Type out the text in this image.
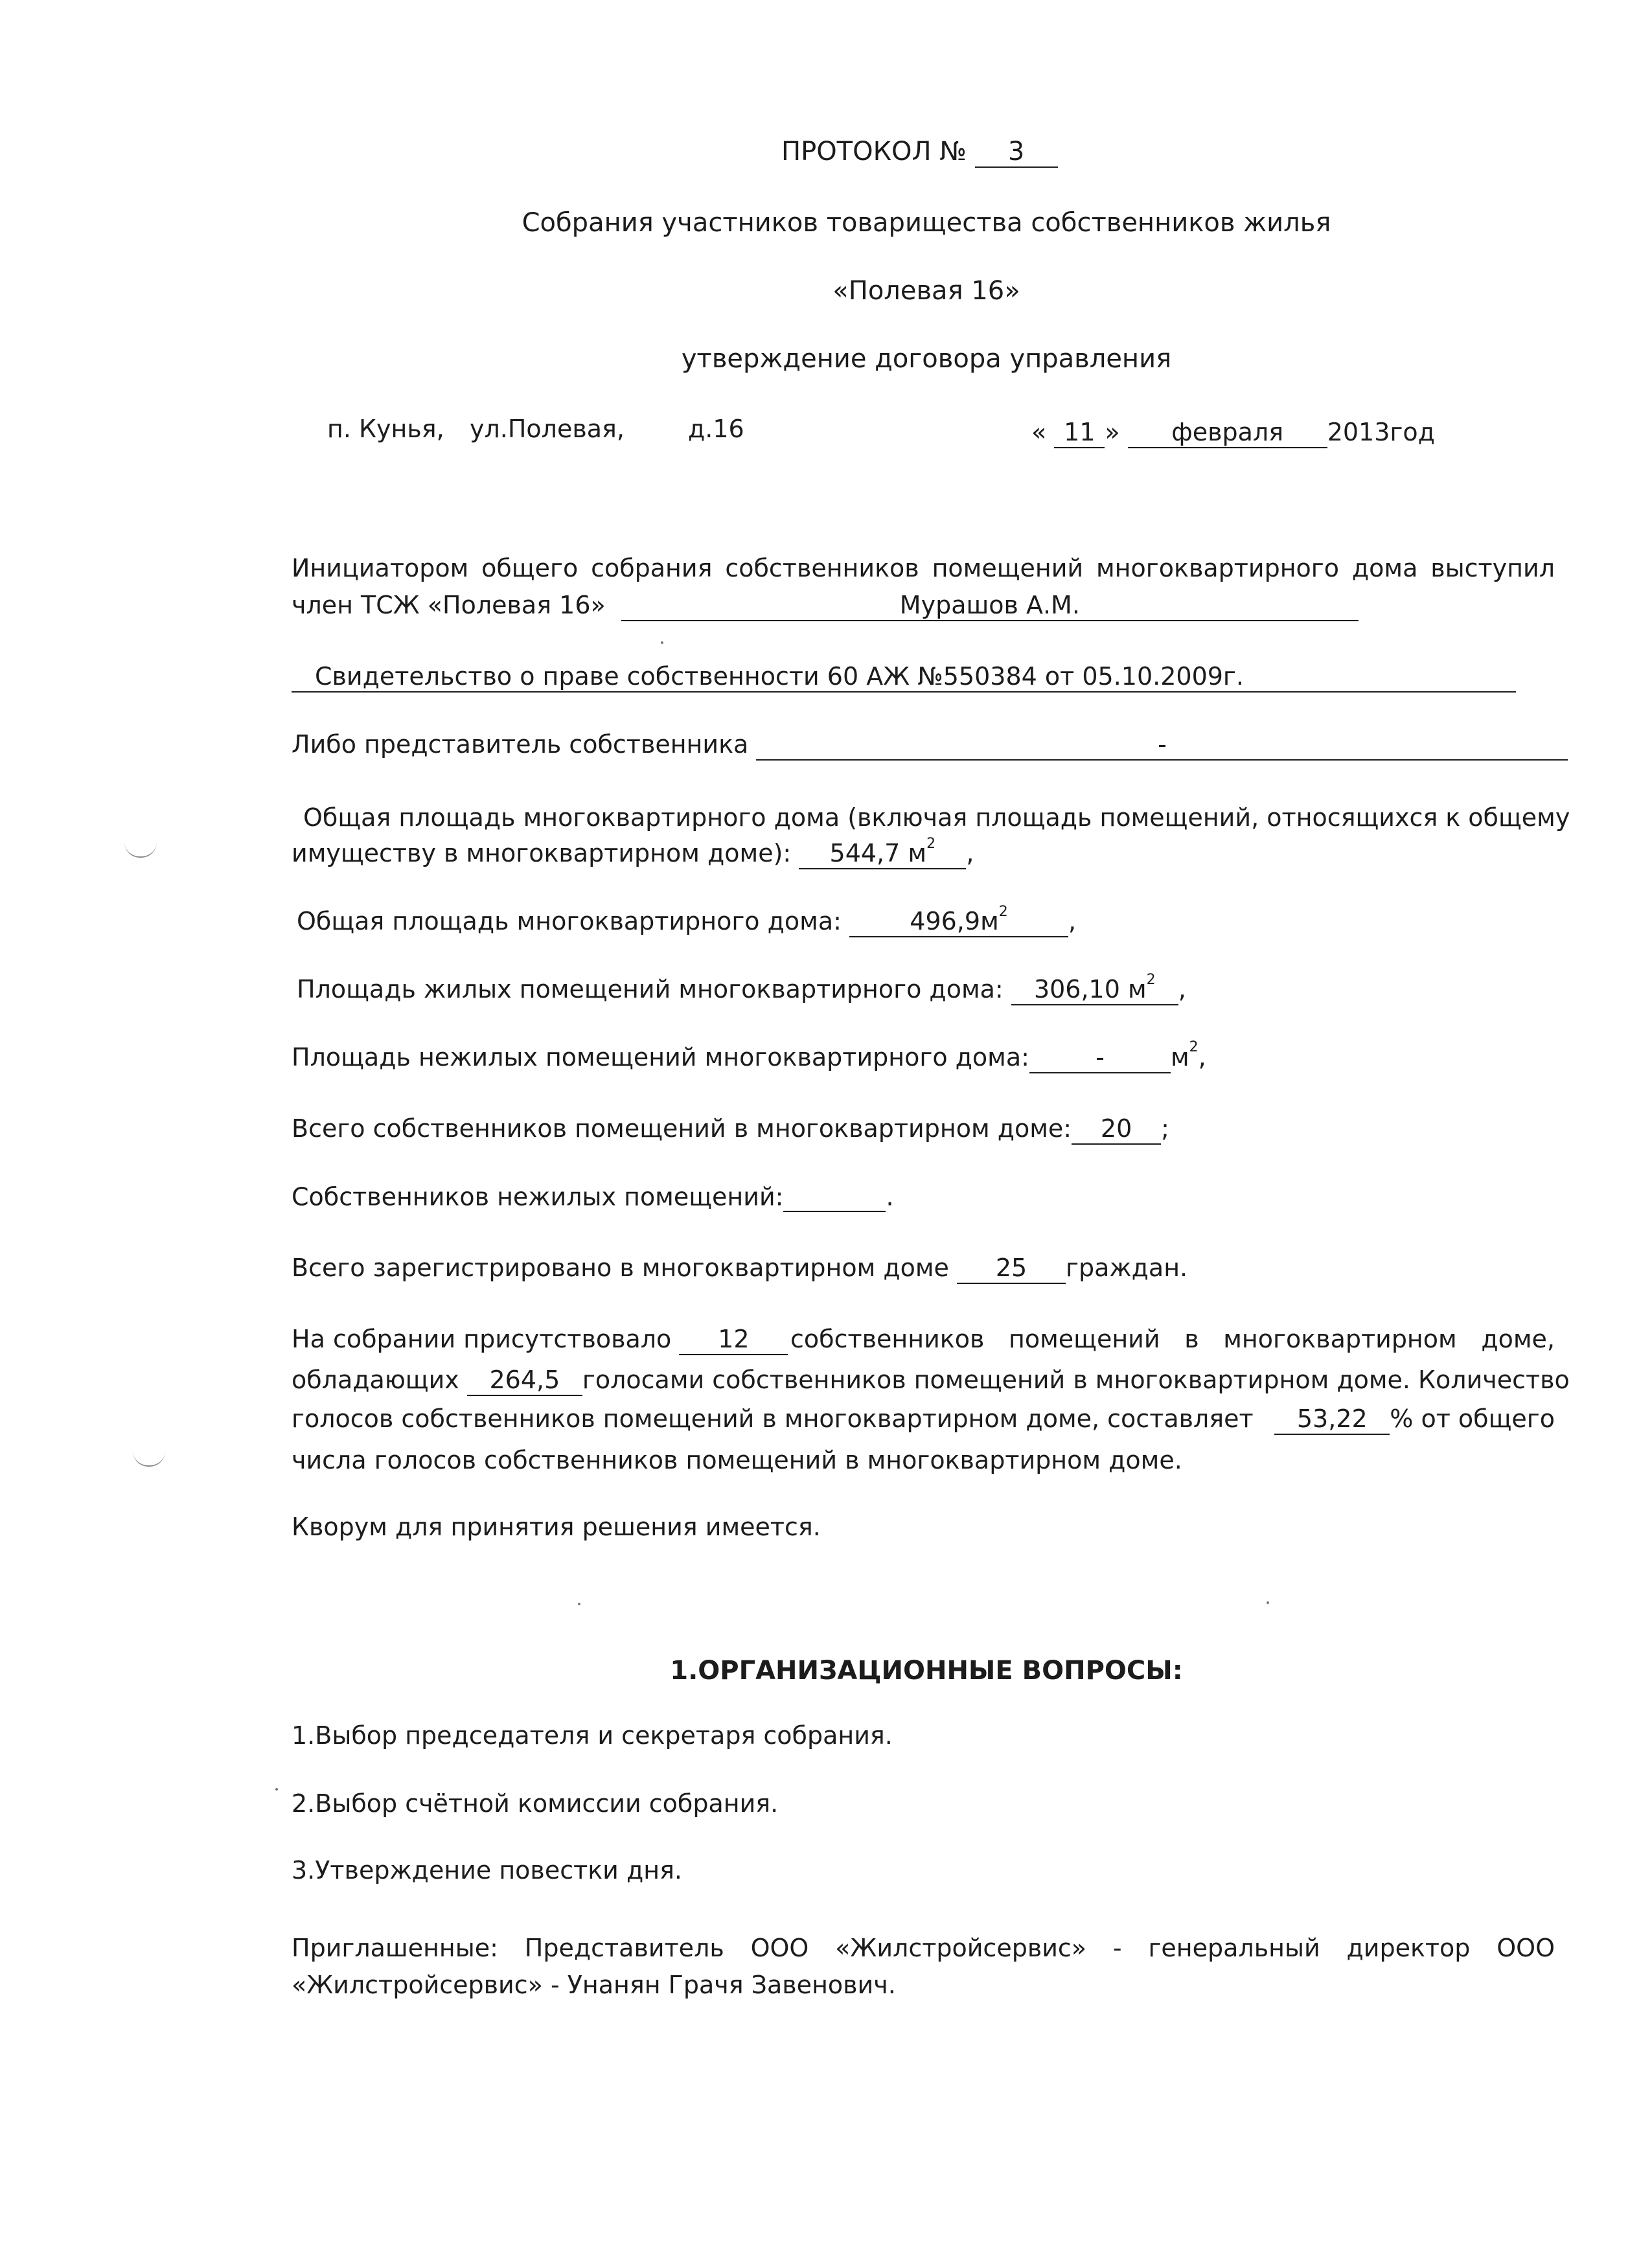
ПРОТОКОЛ № 3
Собрания участников товарищества собственников жилья
«Полевая 16»
утверждение договора управления
п. Кунья, ул.Полевая,	д.16	« 11 » февраля 2013год
Инициатором общего собрания собственников помещений многоквартирного дома выступил
член ТСЖ «Полевая 16»	Мурашов А.М.
Свидетельство о праве собственности 60 АЖ №550384 от 05.10.2009г.
Либо представитель собственника	-
Общая площадь многоквартирного дома (включая площадь помещений, относящихся к общему
имуществу в многоквартирном доме): 544,7 $м^2$ ,
Общая площадь многоквартирного дома:	$496,9м^2$ ,
Площадь жилых помещений многоквартирного дома: 306,10 $м^2$ ,
Площадь нежилых помещений многоквартирного дома:	-	$м^2$,
Всего собственников помещений в многоквартирном доме: 20 ;
Собственников нежилых помещений:	.
Всего зарегистрировано в многоквартирном доме 25 граждан.
На собрании присутствовало 12	собственников помещений в многоквартирном доме,
обладающих 264,5 голосами собственников помещений в многоквартирном доме. Количество
голосов собственников помещений в многоквартирном доме, составляет	53,22 % от общего
числа голосов собственников помещений в многоквартирном доме.
Кворум для принятия решения имеется.
1.ОРГАНИЗАЦИОННЫЕ ВОПРОСЫ:
1.Выбор председателя и секретаря собрания.
2.Выбор счётной комиссии собрания.
3.Утверждение повестки дня.
Приглашенные: Представитель ООО «Жилстройсервис» - генеральный директор ООО
«Жилстройсервис» - Унанян Грачя Завенович.
